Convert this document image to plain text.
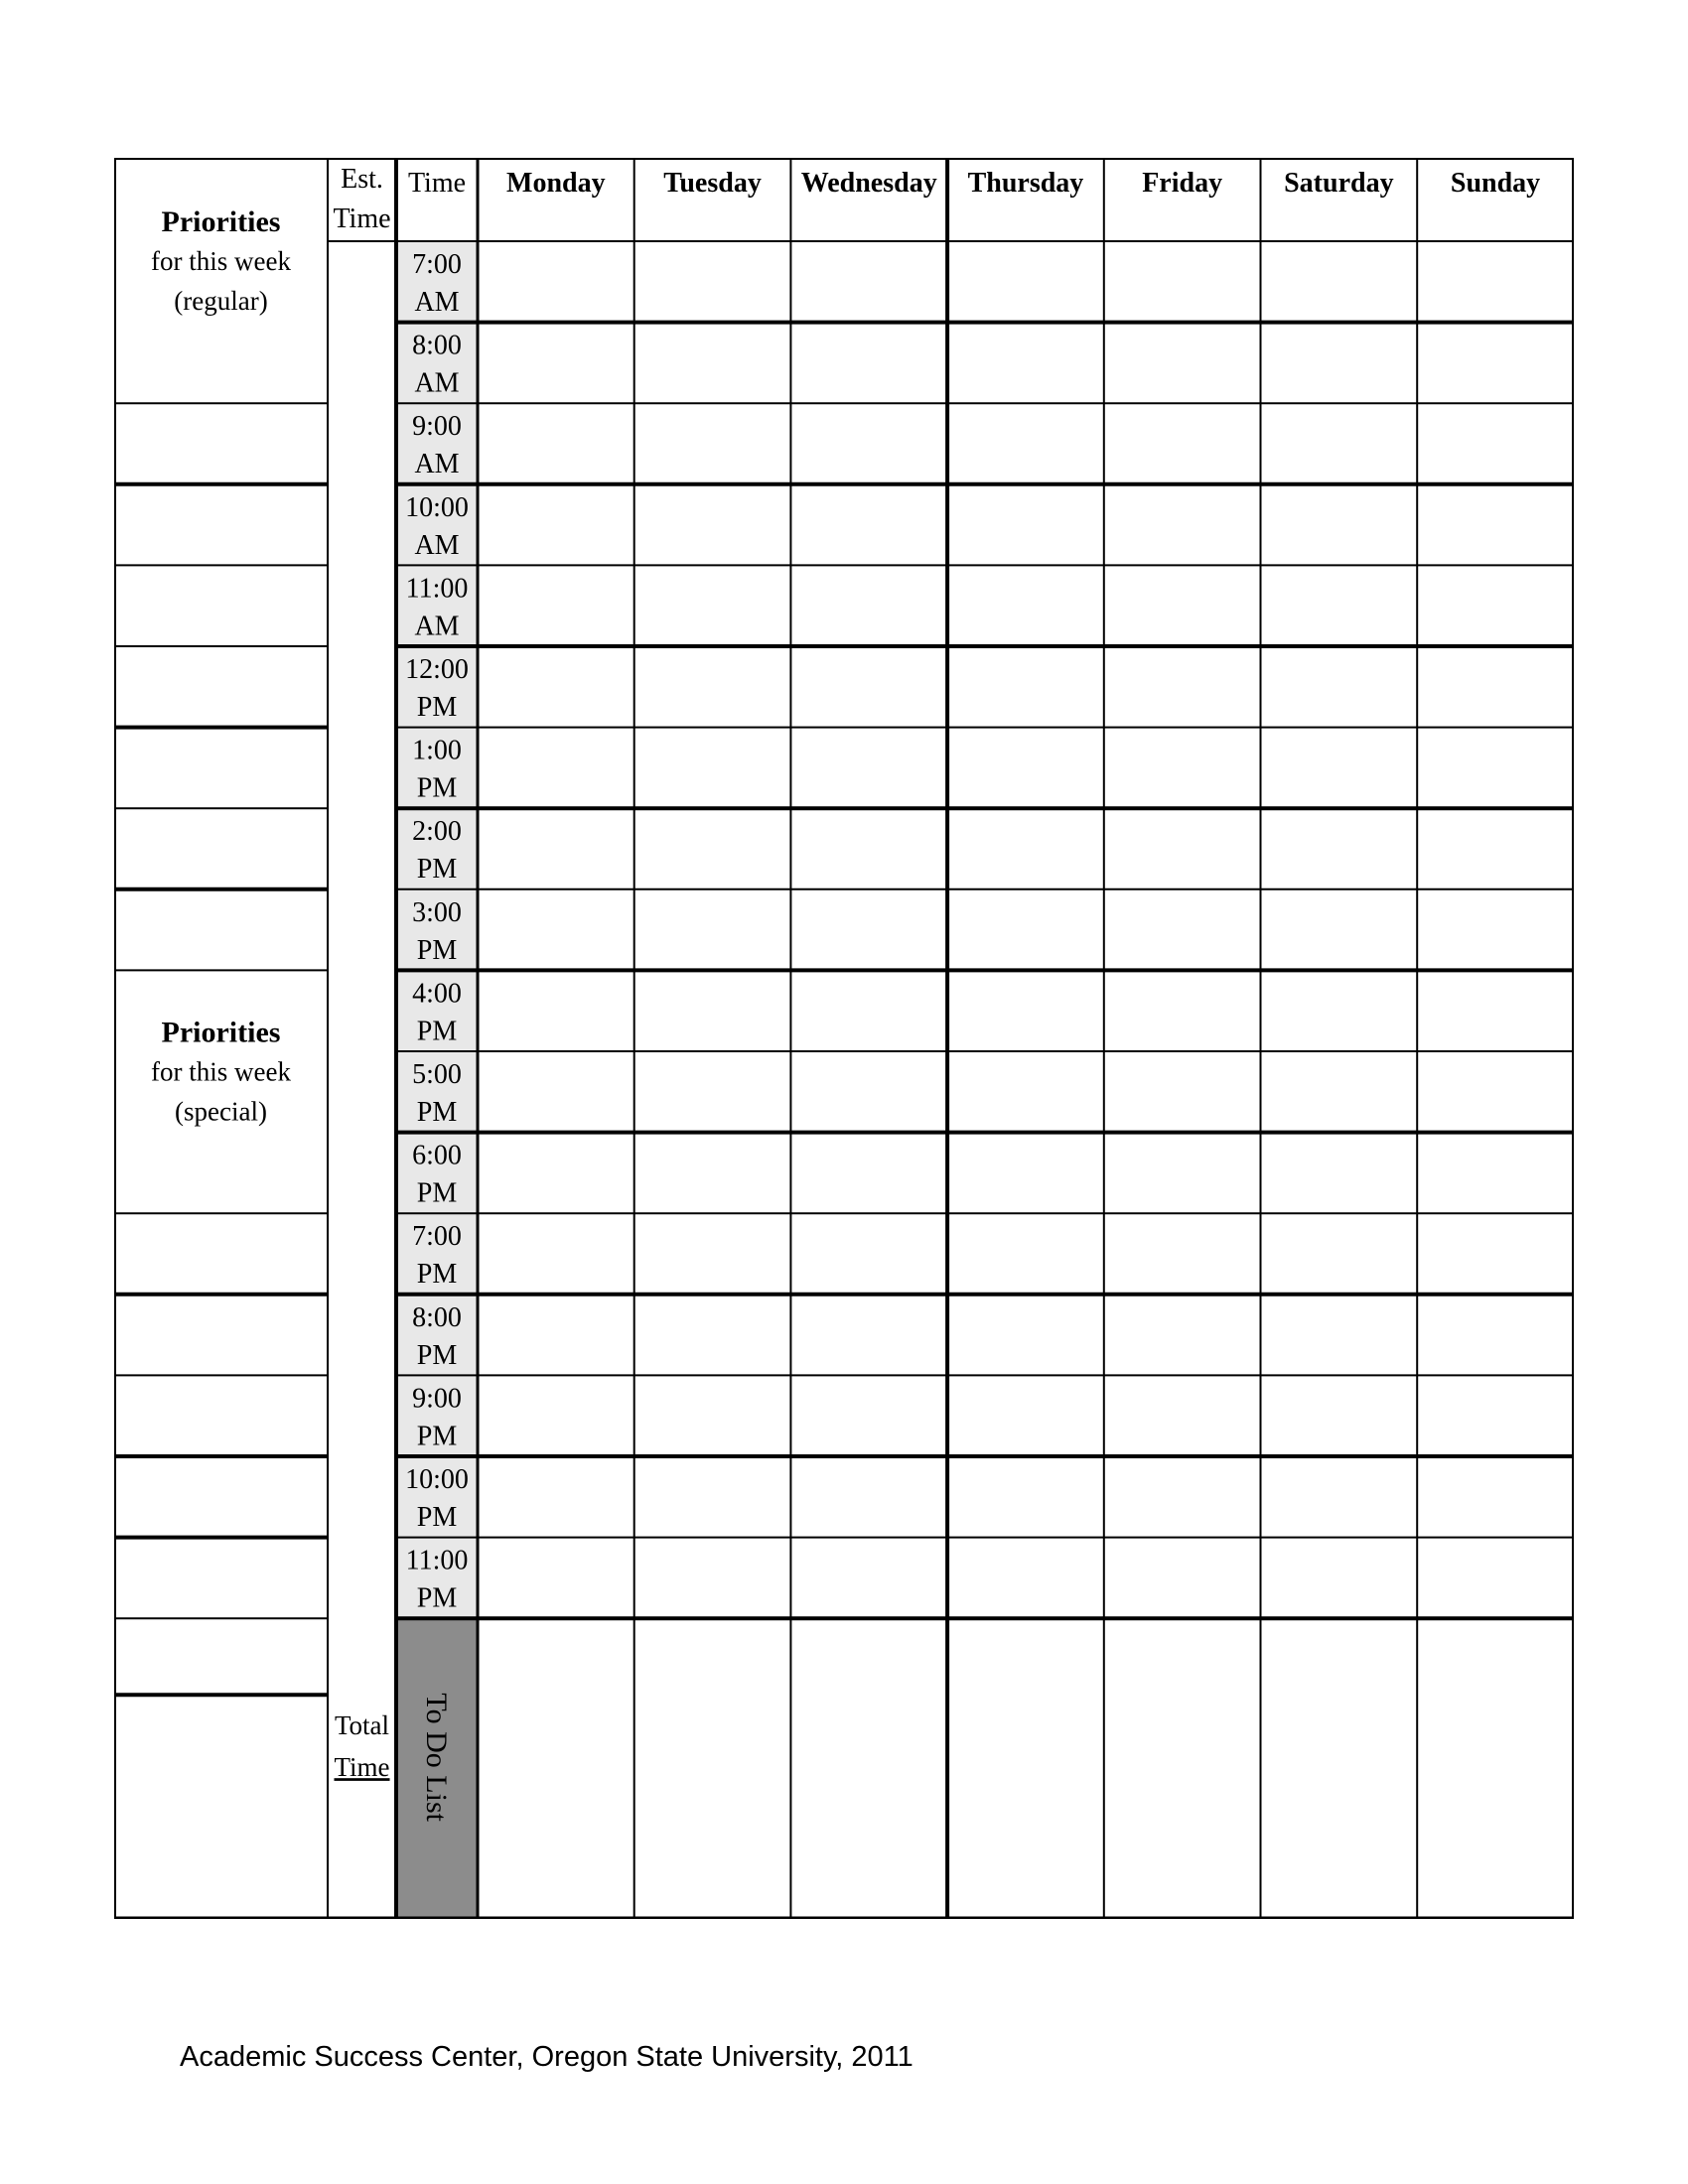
Est.
Time
Time Monday Tuesday Wednesday Thursday Friday Saturday Sunday
Priorities
for this week
(regular)
Priorities
for this week
(special)
7:00
AM
8:00
AM
9:00
AM
10:00
AM
11:00
AM
12:00
PM
1:00
PM
2:00
PM
3:00
PM
4:00
PM
5:00
PM
6:00
PM
7:00
PM
8:00
PM
9:00
PM
10:00
PM
11:00
PM
Total
Time To Do List
Academic Success Center, Oregon State University, 2011
